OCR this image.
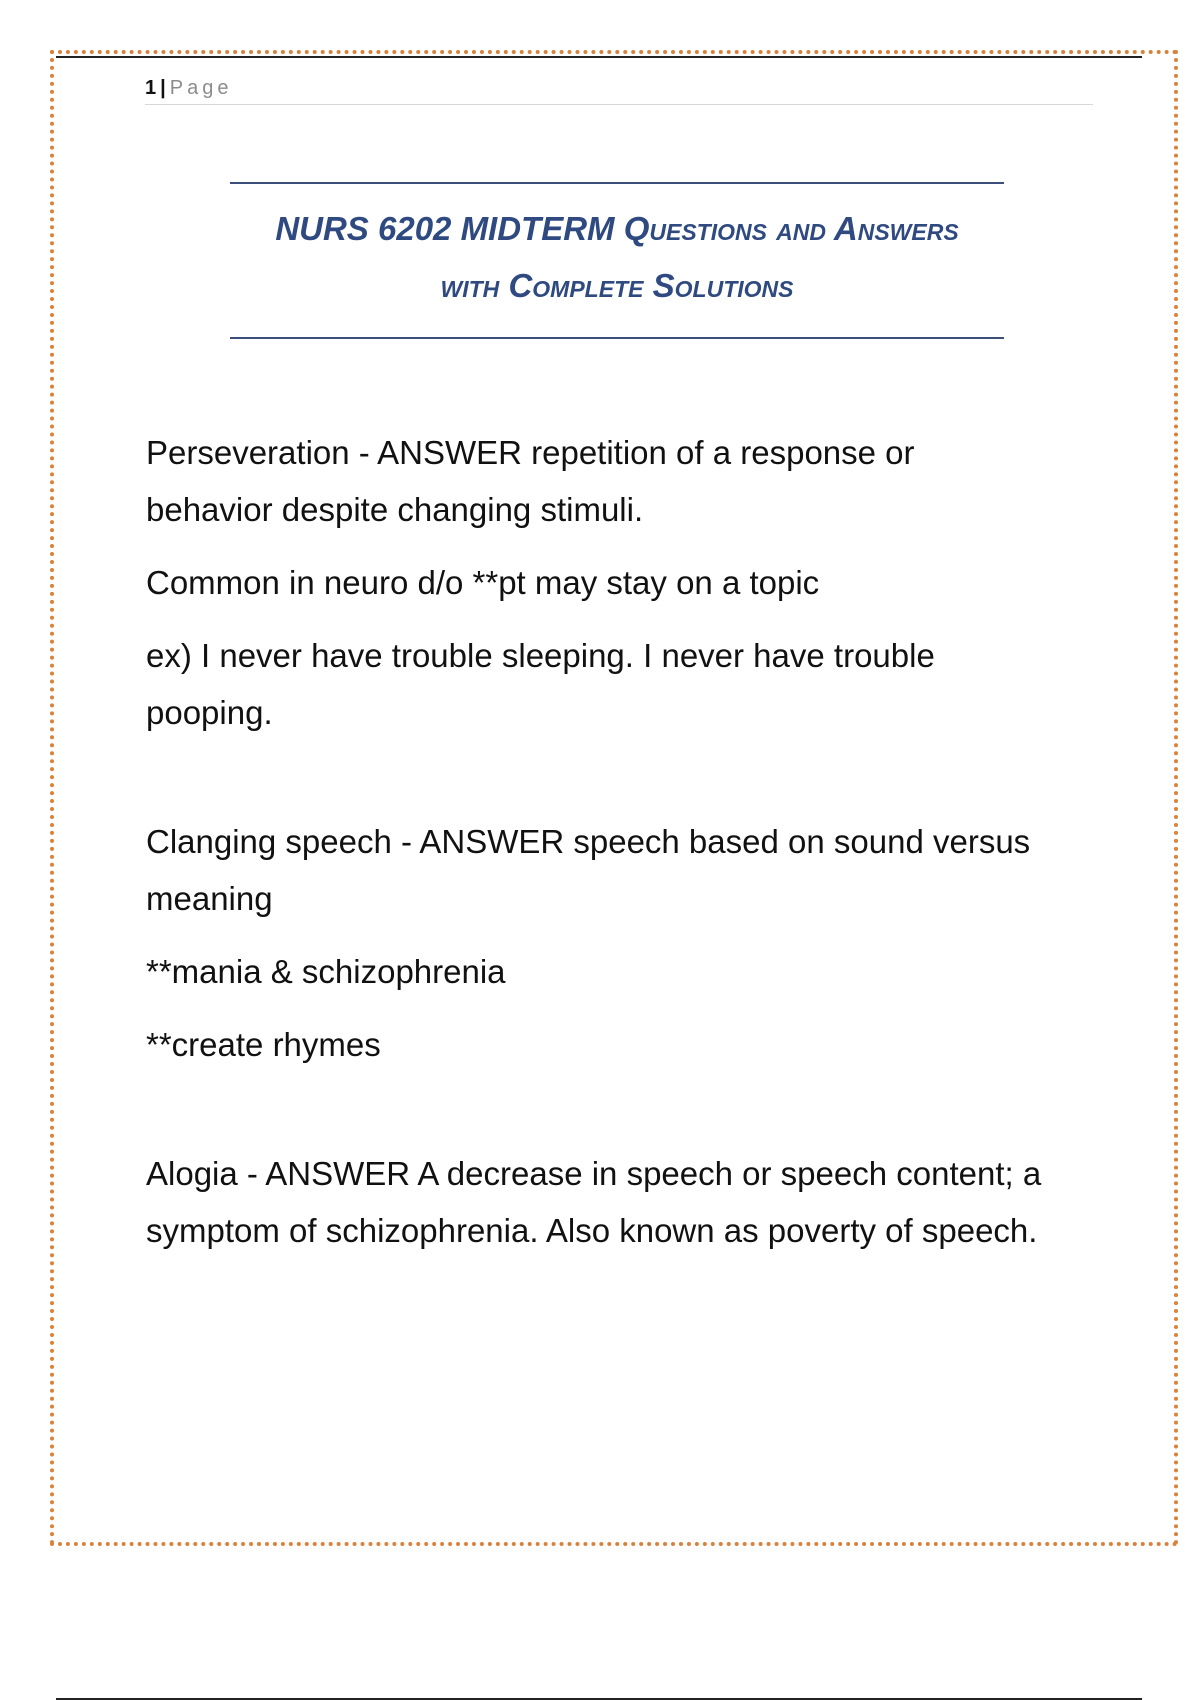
1 | Page
NURS 6202 MIDTERM Questions and Answers
with Complete Solutions

Perseveration - ANSWER repetition of a response or behavior despite changing stimuli.

Common in neuro d/o **pt may stay on a topic

ex) I never have trouble sleeping. I never have trouble pooping.

Clanging speech - ANSWER speech based on sound versus meaning

**mania & schizophrenia

**create rhymes

Alogia - ANSWER A decrease in speech or speech content; a symptom of schizophrenia. Also known as poverty of speech.
